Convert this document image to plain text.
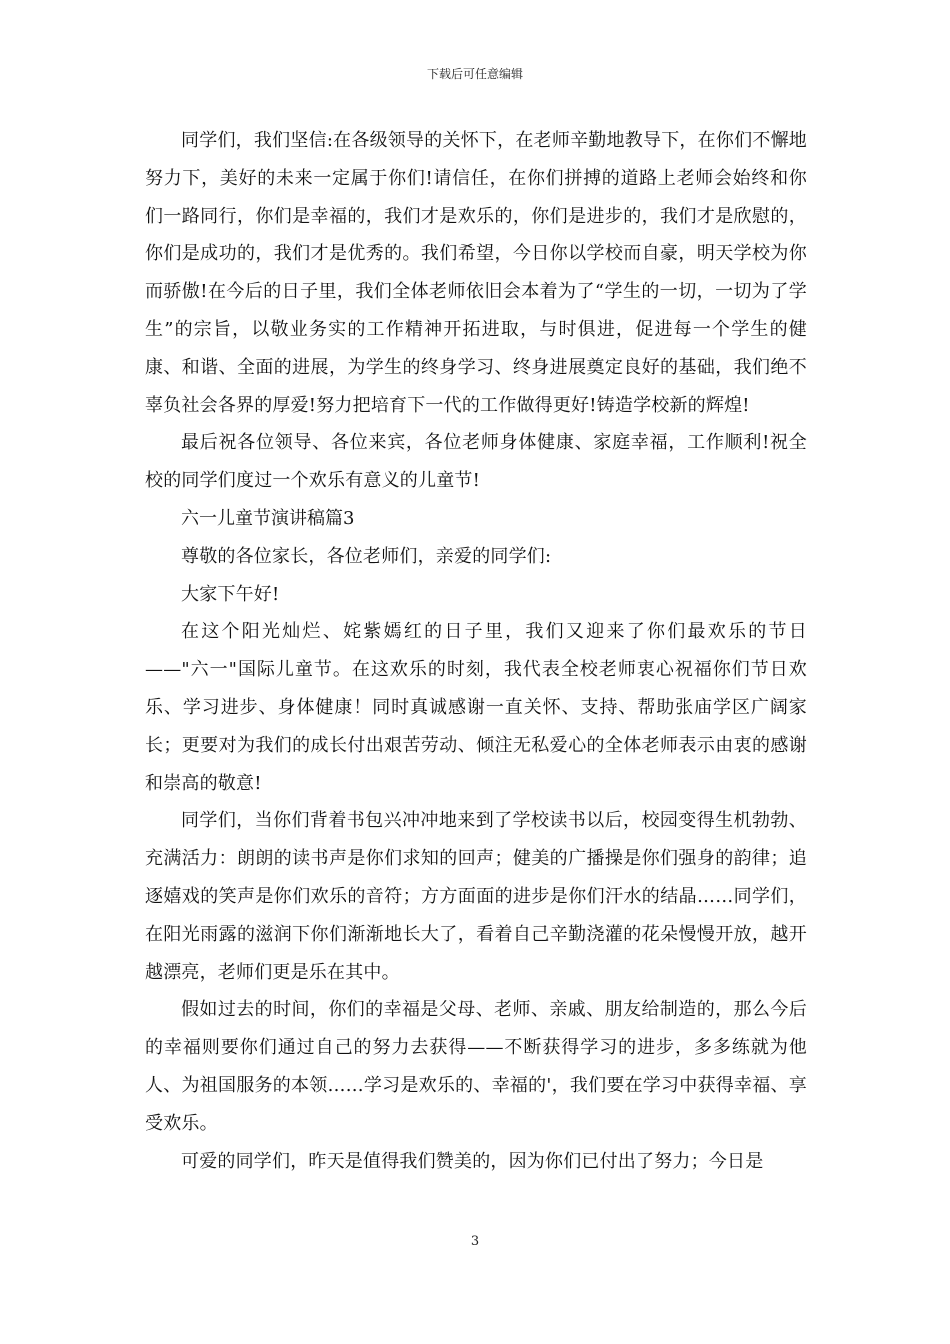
下载后可任意编辑

同学们，我们坚信:在各级领导的关怀下，在老师辛勤地教导下，在你们不懈地努力下，美好的未来一定属于你们!请信任，在你们拼搏的道路上老师会始终和你们一路同行，你们是幸福的，我们才是欢乐的，你们是进步的，我们才是欣慰的，你们是成功的，我们才是优秀的。我们希望，今日你以学校而自豪，明天学校为你而骄傲!在今后的日子里，我们全体老师依旧会本着为了“学生的一切，一切为了学生”的宗旨，以敬业务实的工作精神开拓进取，与时俱进，促进每一个学生的健康、和谐、全面的进展，为学生的终身学习、终身进展奠定良好的基础，我们绝不辜负社会各界的厚爱!努力把培育下一代的工作做得更好!铸造学校新的辉煌!

最后祝各位领导、各位来宾，各位老师身体健康、家庭幸福，工作顺利!祝全校的同学们度过一个欢乐有意义的儿童节!

六一儿童节演讲稿篇3

尊敬的各位家长，各位老师们，亲爱的同学们:

大家下午好!

在这个阳光灿烂、姹紫嫣红的日子里，我们又迎来了你们最欢乐的节日——"六一"国际儿童节。在这欢乐的时刻，我代表全校老师衷心祝福你们节日欢乐、学习进步、身体健康！同时真诚感谢一直关怀、支持、帮助张庙学区广阔家长；更要对为我们的成长付出艰苦劳动、倾注无私爱心的全体老师表示由衷的感谢和崇高的敬意!

同学们，当你们背着书包兴冲冲地来到了学校读书以后，校园变得生机勃勃、充满活力：朗朗的读书声是你们求知的回声；健美的广播操是你们强身的韵律；追逐嬉戏的笑声是你们欢乐的音符；方方面面的进步是你们汗水的结晶……同学们，在阳光雨露的滋润下你们渐渐地长大了，看着自己辛勤浇灌的花朵慢慢开放，越开越漂亮，老师们更是乐在其中。

假如过去的时间，你们的幸福是父母、老师、亲戚、朋友给制造的，那么今后的幸福则要你们通过自己的努力去获得——不断获得学习的进步，多多练就为他人、为祖国服务的本领……学习是欢乐的、幸福的'，我们要在学习中获得幸福、享受欢乐。

可爱的同学们，昨天是值得我们赞美的，因为你们已付出了努力；今日是

3
